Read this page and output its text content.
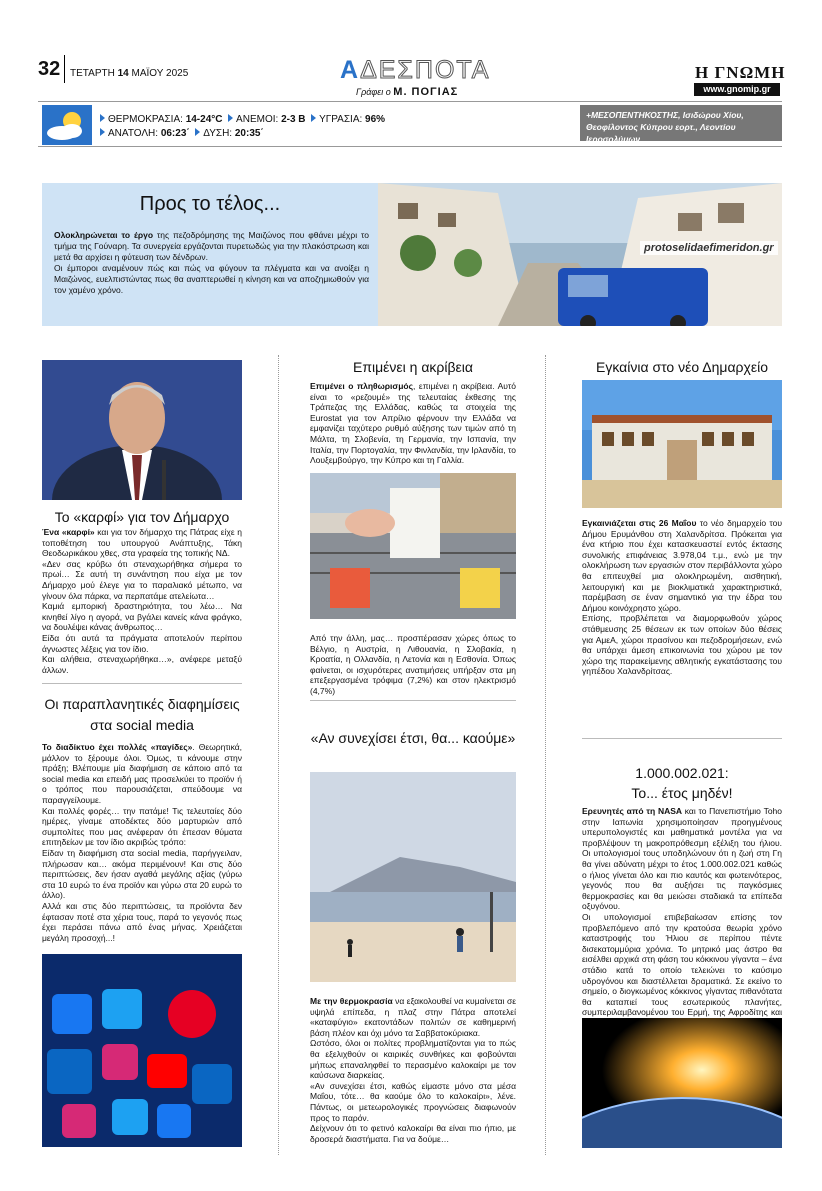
32 ΤΕΤΑΡΤΗ 14 ΜΑΪΟΥ 2025	ΑΔΕΣΠΟΤΑ
Γράφει ο Μ. ΠΟΓΙΑΣ
Η ΓΝΩΜΗ
www.gnomip.gr
ΘΕΡΜΟΚΡΑΣΙΑ: 14-24°C ΑΝΕΜΟΙ: 2-3 Β ΥΓΡΑΣΙΑ: 96%
ΑΝΑΤΟΛΗ: 06:23΄ ΔΥΣΗ: 20:35΄
+ΜΕΣΟΠΕΝΤΗΚΟΣΤΗΣ, Ισιδώρου Χίου, Θεοφίλοντος Κύπρου εορτ., Λεοντίου Ιεροσολύμων
Προς το τέλος...

Ολοκληρώνεται το έργο της πεζοδρόμησης της Μαιζώνος που φθάνει μέχρι το τμήμα της Γούναρη. Τα συνεργεία εργάζονται πυρετωδώς για την πλακόστρωση και μετά θα αρχίσει η φύτευση των δένδρων.

Οι έμποροι αναμένουν πώς και πώς να φύγουν τα πλέγματα και να ανοίξει η Μαιζώνος, ευελπιστώντας πως θα αναπτερωθεί η κίνηση και να αποζημιωθούν για τον χαμένο χρόνο.

protoselidaefimeridon.gr
Το «καρφί» για τον Δήμαρχο

Ένα «καρφί» και για τον δήμαρχο της Πάτρας είχε η τοποθέτηση του υπουργού Ανάπτυξης, Τάκη Θεοδωρικάκου χθες, στα γραφεία της τοπικής ΝΔ.

«Δεν σας κρύβω ότι στεναχωρήθηκα σήμερα το πρωί… Σε αυτή τη συνάντηση που είχα με τον Δήμαρχο μού έλεγε για το παραλιακό μέτωπο, να γίνουν όλα πάρκα, να περπατάμε ατελείωτα…

Καμιά εμπορική δραστηριότητα, του λέω… Να κινηθεί λίγο η αγορά, να βγάλει κανείς κάνα φράγκο, να δουλέψει κάνας άνθρωπος…

Είδα ότι αυτά τα πράγματα αποτελούν περίπου άγνωστες λέξεις για τον ίδιο.

Και αλήθεια, στεναχωρήθηκα…», ανέφερε μεταξύ άλλων.

Οι παραπλανητικές διαφημίσεις στα social media

Το διαδίκτυο έχει πολλές «παγίδες». Θεωρητικά, μάλλον το ξέρουμε όλοι. Όμως, τι κάνουμε στην πράξη; Βλέπουμε μία διαφήμιση σε κάποιο από τα social media και επειδή μας προσελκύει το προϊόν ή ο τρόπος που παρουσιάζεται, σπεύδουμε να παραγγείλουμε.

Και πολλές φορές… την πατάμε! Τις τελευταίες δύο ημέρες, γίναμε αποδέκτες δύο μαρτυριών από συμπολίτες που μας ανέφεραν ότι έπεσαν θύματα επιτηδείων με τον ίδιο ακριβώς τρόπο:

Είδαν τη διαφήμιση στα social media, παρήγγειλαν, πλήρωσαν και… ακόμα περιμένουν! Και στις δύο περιπτώσεις, δεν ήσαν αγαθά μεγάλης αξίας (γύρω στα 10 ευρώ το ένα προϊόν και γύρω στα 20 ευρώ το άλλο).

Αλλά και στις δύο περιπτώσεις, τα προϊόντα δεν έφτασαν ποτέ στα χέρια τους, παρά το γεγονός πως έχει περάσει πάνω από ένας μήνας. Χρειάζεται μεγάλη προσοχή...!

Επιμένει η ακρίβεια

Επιμένει ο πληθωρισμός, επιμένει η ακρίβεια. Αυτό είναι το «ρεζουμέ» της τελευταίας έκθεσης της Τράπεζας της Ελλάδας, καθώς τα στοιχεία της Eurostat για τον Απρίλιο φέρνουν την Ελλάδα να εμφανίζει ταχύτερο ρυθμό αύξησης των τιμών από τη Μάλτα, τη Σλοβενία, τη Γερμανία, την Ισπανία, την Ιταλία, την Πορτογαλία, την Φινλανδία, την Ιρλανδία, το Λουξεμβούργο, την Κύπρο και τη Γαλλία.

Από την άλλη, μας… προσπέρασαν χώρες όπως το Βέλγιο, η Αυστρία, η Λιθουανία, η Σλοβακία, η Κροατία, η Ολλανδία, η Λετονία και η Εσθονία. Όπως φαίνεται, οι ισχυρότερες ανατιμήσεις υπήρξαν στα μη επεξεργασμένα τρόφιμα (7,2%) και στον ηλεκτρισμό (4,7%)

«Αν συνεχίσει έτσι, θα... καούμε»

Με την θερμοκρασία να εξακολουθεί να κυμαίνεται σε υψηλά επίπεδα, η πλαζ στην Πάτρα αποτελεί «καταφύγιο» εκατοντάδων πολιτών σε καθημερινή βάση πλέον και όχι μόνο τα Σαββατοκύριακα.

Ωστόσο, όλοι οι πολίτες προβληματίζονται για το πώς θα εξελιχθούν οι καιρικές συνθήκες και φοβούνται μήπως επαναληφθεί το περασμένο καλοκαίρι με τον καύσωνα διαρκείας.

«Αν συνεχίσει έτσι, καθώς είμαστε μόνο στα μέσα Μαΐου, τότε… θα καούμε όλο το καλοκαίρι», λένε. Πάντως, οι μετεωρολογικές προγνώσεις διαφωνούν προς το παρόν.

Δείχνουν ότι το φετινό καλοκαίρι θα είναι πιο ήπιο, με δροσερά διαστήματα. Για να δούμε…

Εγκαίνια στο νέο Δημαρχείο

Εγκαινιάζεται στις 26 Μαΐου το νέο δημαρχείο του Δήμου Ερυμάνθου στη Χαλανδρίτσα. Πρόκειται για ένα κτήριο που έχει κατασκευαστεί εντός έκτασης συνολικής επιφάνειας 3.978,04 τ.μ., ενώ με την ολοκλήρωση των εργασιών στον περιβάλλοντα χώρο θα επιτευχθεί μια ολοκληρωμένη, αισθητική, λειτουργική και με βιοκλιματικά χαρακτηριστικά, παρέμβαση σε έναν σημαντικό για την έδρα του Δήμου κοινόχρηστο χώρο.

Επίσης, προβλέπεται να διαμορφωθούν χώρος στάθμευσης 25 θέσεων εκ των οποίων δύο θέσεις για ΑμεΑ, χώροι πρασίνου και πεζοδρομήσεων, ενώ θα υπάρχει άμεση επικοινωνία του χώρου με τον χώρο της παρακείμενης αθλητικής εγκατάστασης του γηπέδου Χαλανδρίτσας.

1.000.002.021:
Το... έτος μηδέν!

Ερευνητές από τη NASA και το Πανεπιστήμιο Toho στην Ιαπωνία χρησιμοποίησαν προηγμένους υπερυπολογιστές και μαθηματικά μοντέλα για να προβλέψουν τη μακροπρόθεσμη εξέλιξη του ήλιου. Οι υπολογισμοί τους υποδηλώνουν ότι η ζωή στη Γη θα γίνει αδύνατη μέχρι το έτος 1.000.002.021 καθώς ο ήλιος γίνεται όλο και πιο καυτός και φωτεινότερος, γεγονός που θα αυξήσει τις παγκόσμιες θερμοκρασίες και θα μειώσει σταδιακά τα επίπεδα οξυγόνου.

Οι υπολογισμοί επιβεβαίωσαν επίσης τον προβλεπόμενο από την κρατούσα θεωρία χρόνο καταστροφής του Ήλιου σε περίπου πέντε δισεκατομμύρια χρόνια. Το μητρικό μας άστρο θα εισέλθει αρχικά στη φάση του κόκκινου γίγαντα – ένα στάδιο κατά το οποίο τελειώνει το καύσιμο υδρογόνου και διαστέλλεται δραματικά. Σε εκείνο το σημείο, ο διογκωμένος κόκκινος γίγαντας πιθανότατα θα καταπιεί τους εσωτερικούς πλανήτες, συμπεριλαμβανομένου του Ερμή, της Αφροδίτης και
